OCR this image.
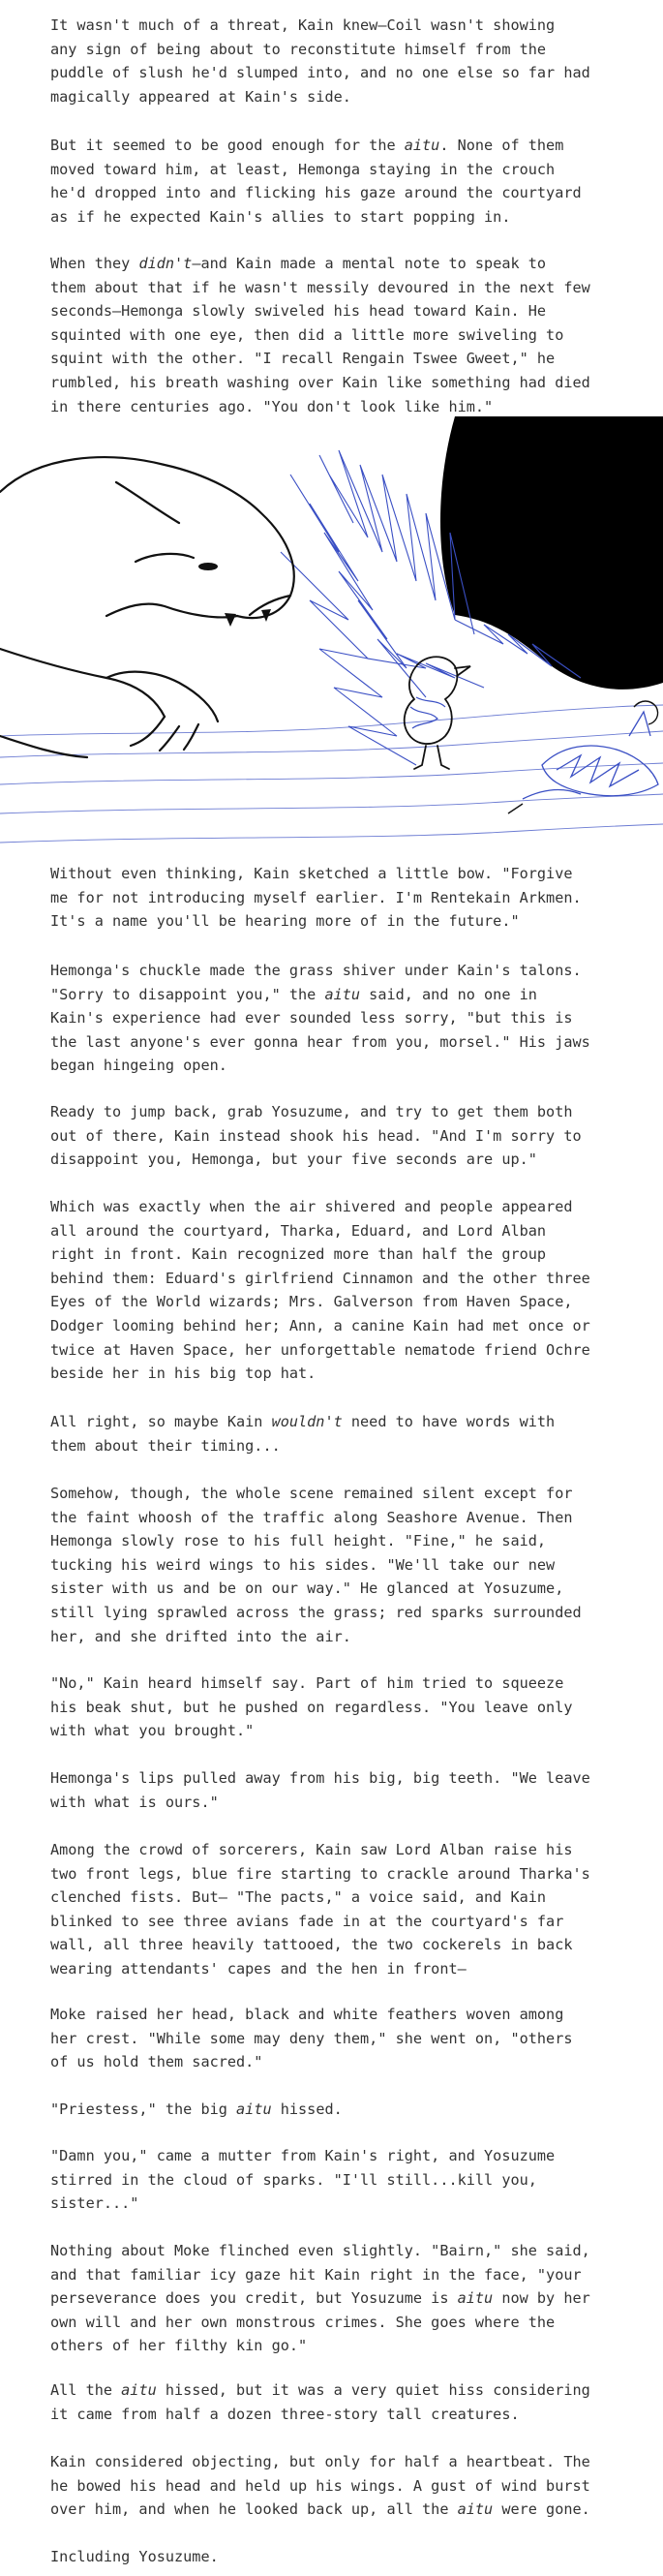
It wasn't much of a threat, Kain knew—Coil wasn't showing
any sign of being about to reconstitute himself from the
puddle of slush he'd slumped into, and no one else so far had
magically appeared at Kain's side.

But it seemed to be good enough for the aitu. None of them
moved toward him, at least, Hemonga staying in the crouch
he'd dropped into and flicking his gaze around the courtyard
as if he expected Kain's allies to start popping in.

When they didn't—and Kain made a mental note to speak to
them about that if he wasn't messily devoured in the next few
seconds—Hemonga slowly swiveled his head toward Kain. He
squinted with one eye, then did a little more swiveling to
squint with the other. "I recall Rengain Tswee Gweet," he
rumbled, his breath washing over Kain like something had died
in there centuries ago. "You don't look like him."

Without even thinking, Kain sketched a little bow. "Forgive
me for not introducing myself earlier. I'm Rentekain Arkmen.
It's a name you'll be hearing more of in the future."

Hemonga's chuckle made the grass shiver under Kain's talons.
"Sorry to disappoint you," the aitu said, and no one in
Kain's experience had ever sounded less sorry, "but this is
the last anyone's ever gonna hear from you, morsel." His jaws
began hingeing open.

Ready to jump back, grab Yosuzume, and try to get them both
out of there, Kain instead shook his head. "And I'm sorry to
disappoint you, Hemonga, but your five seconds are up."

Which was exactly when the air shivered and people appeared
all around the courtyard, Tharka, Eduard, and Lord Alban
right in front. Kain recognized more than half the group
behind them: Eduard's girlfriend Cinnamon and the other three
Eyes of the World wizards; Mrs. Galverson from Haven Space,
Dodger looming behind her; Ann, a canine Kain had met once or
twice at Haven Space, her unforgettable nematode friend Ochre
beside her in his big top hat.

All right, so maybe Kain wouldn't need to have words with
them about their timing...

Somehow, though, the whole scene remained silent except for
the faint whoosh of the traffic along Seashore Avenue. Then
Hemonga slowly rose to his full height. "Fine," he said,
tucking his weird wings to his sides. "We'll take our new
sister with us and be on our way." He glanced at Yosuzume,
still lying sprawled across the grass; red sparks surrounded
her, and she drifted into the air.

"No," Kain heard himself say. Part of him tried to squeeze
his beak shut, but he pushed on regardless. "You leave only
with what you brought."

Hemonga's lips pulled away from his big, big teeth. "We leave
with what is ours."

Among the crowd of sorcerers, Kain saw Lord Alban raise his
two front legs, blue fire starting to crackle around Tharka's
clenched fists. But— "The pacts," a voice said, and Kain
blinked to see three avians fade in at the courtyard's far
wall, all three heavily tattooed, the two cockerels in back
wearing attendants' capes and the hen in front—

Moke raised her head, black and white feathers woven among
her crest. "While some may deny them," she went on, "others
of us hold them sacred."

"Priestess," the big aitu hissed.

"Damn you," came a mutter from Kain's right, and Yosuzume
stirred in the cloud of sparks. "I'll still...kill you,
sister..."

Nothing about Moke flinched even slightly. "Bairn," she said,
and that familiar icy gaze hit Kain right in the face, "your
perseverance does you credit, but Yosuzume is aitu now by her
own will and her own monstrous crimes. She goes where the
others of her filthy kin go."

All the aitu hissed, but it was a very quiet hiss considering
it came from half a dozen three-story tall creatures.

Kain considered objecting, but only for half a heartbeat. The
he bowed his head and held up his wings. A gust of wind burst
over him, and when he looked back up, all the aitu were gone.

Including Yosuzume.
